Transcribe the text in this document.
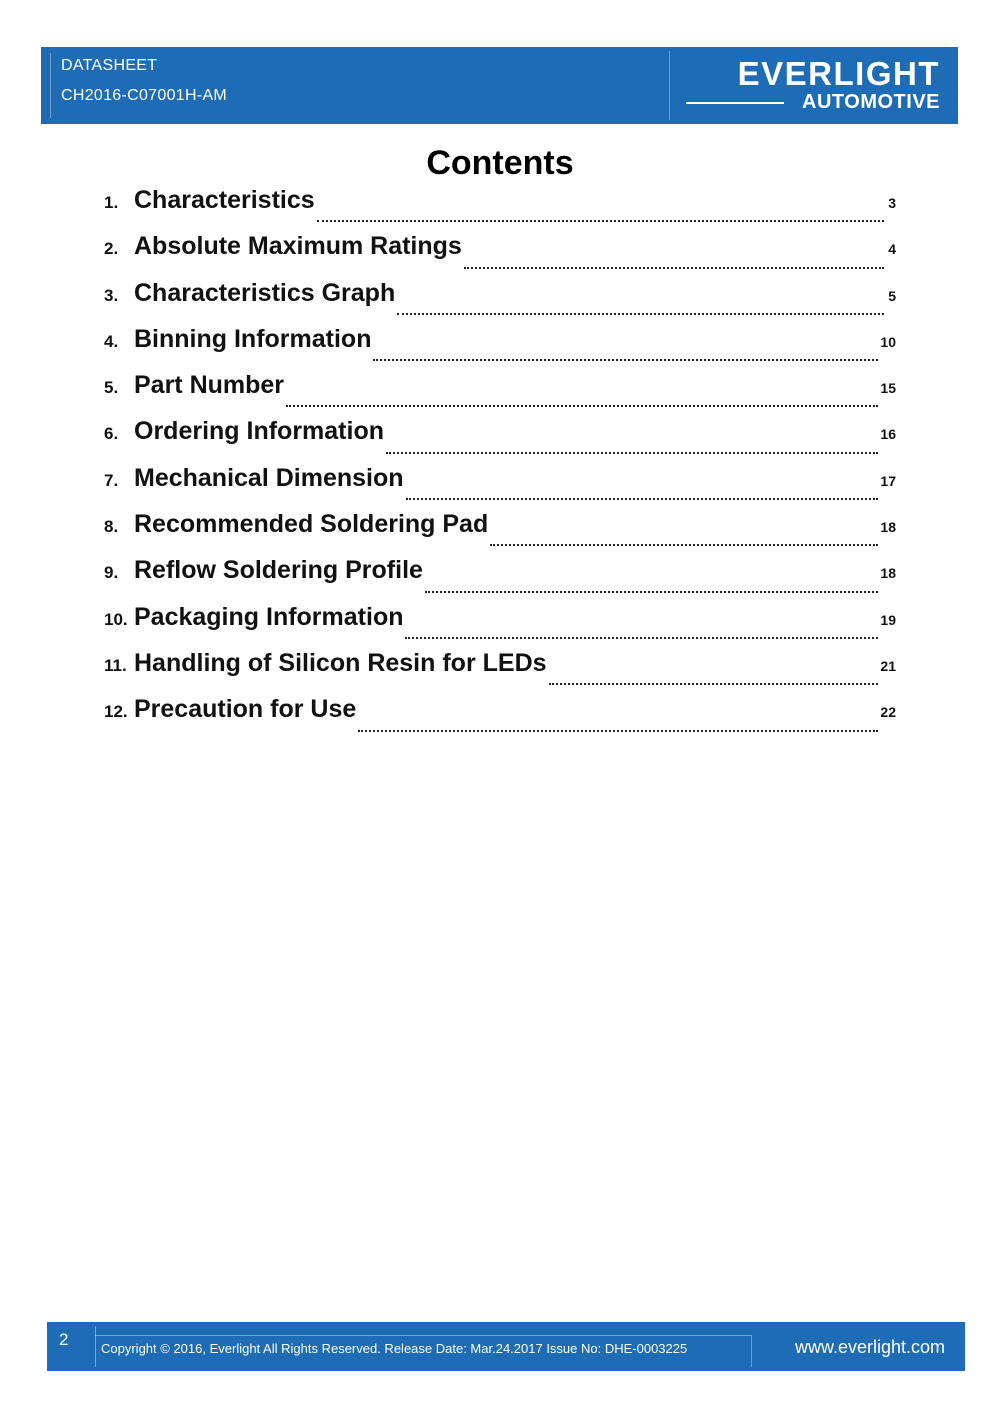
DATASHEET
CH2016-C07001H-AM
EVERLIGHT
AUTOMOTIVE
Contents
1. Characteristics	3
2. Absolute Maximum Ratings	4
3. Characteristics Graph	5
4. Binning Information	10
5. Part Number	15
6. Ordering Information	16
7. Mechanical Dimension	17
8. Recommended Soldering Pad	18
9. Reflow Soldering Profile	18
10. Packaging Information	19
11. Handling of Silicon Resin for LEDs	21
12. Precaution for Use	22
2	Copyright © 2016, Everlight All Rights Reserved. Release Date: Mar.24.2017 Issue No: DHE-0003225	www.everlight.com
